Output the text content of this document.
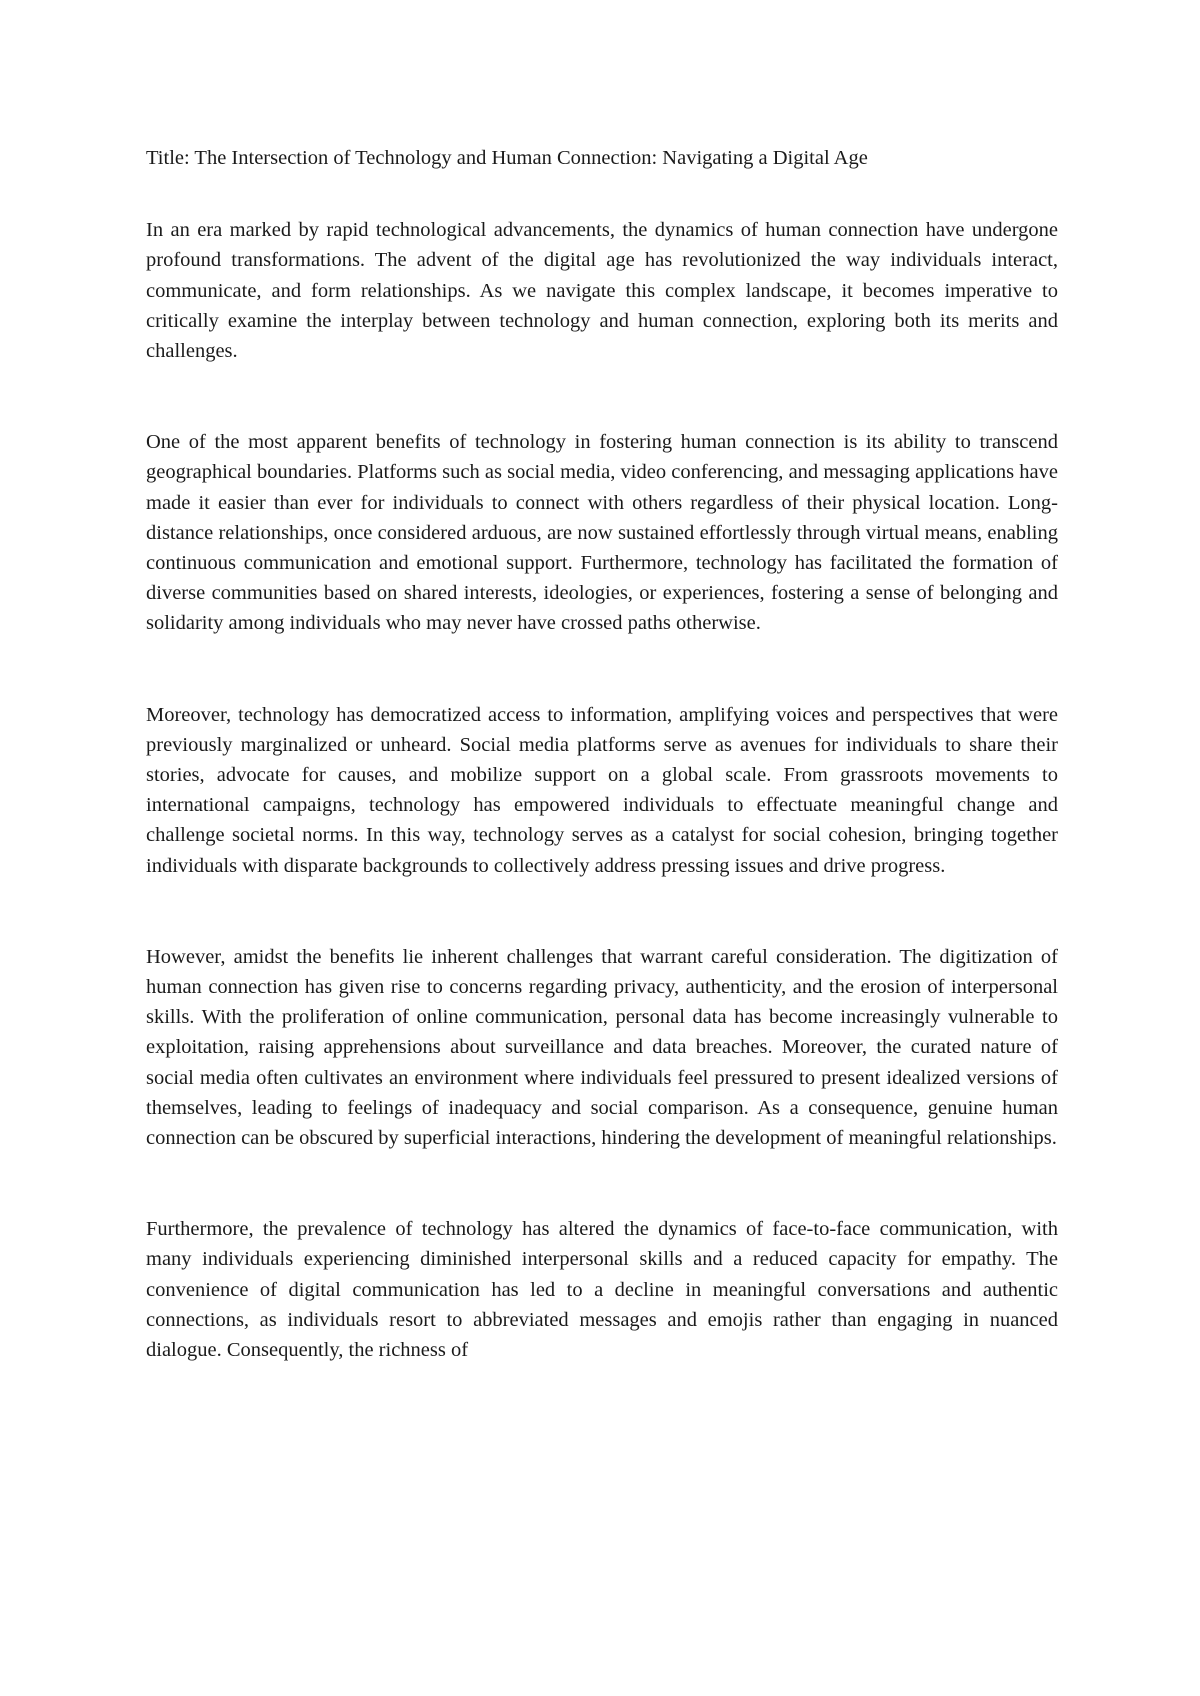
Title: The Intersection of Technology and Human Connection: Navigating a Digital Age

In an era marked by rapid technological advancements, the dynamics of human connection have undergone profound transformations. The advent of the digital age has revolutionized the way individuals interact, communicate, and form relationships. As we navigate this complex landscape, it becomes imperative to critically examine the interplay between technology and human connection, exploring both its merits and challenges.

One of the most apparent benefits of technology in fostering human connection is its ability to transcend geographical boundaries. Platforms such as social media, video conferencing, and messaging applications have made it easier than ever for individuals to connect with others regardless of their physical location. Long-distance relationships, once considered arduous, are now sustained effortlessly through virtual means, enabling continuous communication and emotional support. Furthermore, technology has facilitated the formation of diverse communities based on shared interests, ideologies, or experiences, fostering a sense of belonging and solidarity among individuals who may never have crossed paths otherwise.

Moreover, technology has democratized access to information, amplifying voices and perspectives that were previously marginalized or unheard. Social media platforms serve as avenues for individuals to share their stories, advocate for causes, and mobilize support on a global scale. From grassroots movements to international campaigns, technology has empowered individuals to effectuate meaningful change and challenge societal norms. In this way, technology serves as a catalyst for social cohesion, bringing together individuals with disparate backgrounds to collectively address pressing issues and drive progress.

However, amidst the benefits lie inherent challenges that warrant careful consideration. The digitization of human connection has given rise to concerns regarding privacy, authenticity, and the erosion of interpersonal skills. With the proliferation of online communication, personal data has become increasingly vulnerable to exploitation, raising apprehensions about surveillance and data breaches. Moreover, the curated nature of social media often cultivates an environment where individuals feel pressured to present idealized versions of themselves, leading to feelings of inadequacy and social comparison. As a consequence, genuine human connection can be obscured by superficial interactions, hindering the development of meaningful relationships.

Furthermore, the prevalence of technology has altered the dynamics of face-to-face communication, with many individuals experiencing diminished interpersonal skills and a reduced capacity for empathy. The convenience of digital communication has led to a decline in meaningful conversations and authentic connections, as individuals resort to abbreviated messages and emojis rather than engaging in nuanced dialogue. Consequently, the richness of
